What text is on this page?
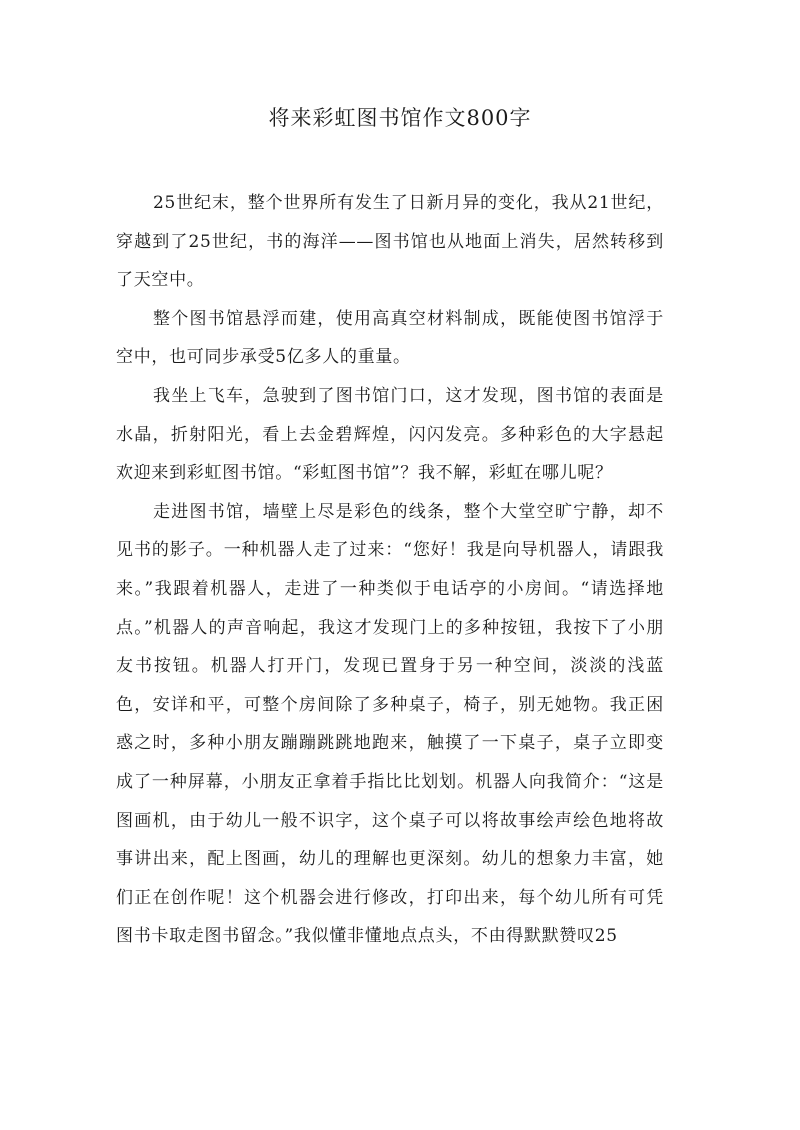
将来彩虹图书馆作文800字

25世纪末，整个世界所有发生了日新月异的变化，我从21世纪，穿越到了25世纪，书的海洋——图书馆也从地面上消失，居然转移到了天空中。

整个图书馆悬浮而建，使用高真空材料制成，既能使图书馆浮于空中，也可同步承受5亿多人的重量。

我坐上飞车，急驶到了图书馆门口，这才发现，图书馆的表面是水晶，折射阳光，看上去金碧辉煌，闪闪发亮。多种彩色的大字悬起欢迎来到彩虹图书馆。“彩虹图书馆”？我不解，彩虹在哪儿呢？

走进图书馆，墙壁上尽是彩色的线条，整个大堂空旷宁静，却不见书的影子。一种机器人走了过来：“您好！我是向导机器人，请跟我来。”我跟着机器人，走进了一种类似于电话亭的小房间。“请选择地点。”机器人的声音响起，我这才发现门上的多种按钮，我按下了小朋友书按钮。机器人打开门，发现已置身于另一种空间，淡淡的浅蓝色，安详和平，可整个房间除了多种桌子，椅子，别无她物。我正困惑之时，多种小朋友蹦蹦跳跳地跑来，触摸了一下桌子，桌子立即变成了一种屏幕，小朋友正拿着手指比比划划。机器人向我简介：“这是图画机，由于幼儿一般不识字，这个桌子可以将故事绘声绘色地将故事讲出来，配上图画，幼儿的理解也更深刻。幼儿的想象力丰富，她们正在创作呢！这个机器会进行修改，打印出来，每个幼儿所有可凭图书卡取走图书留念。”我似懂非懂地点点头，不由得默默赞叹25
